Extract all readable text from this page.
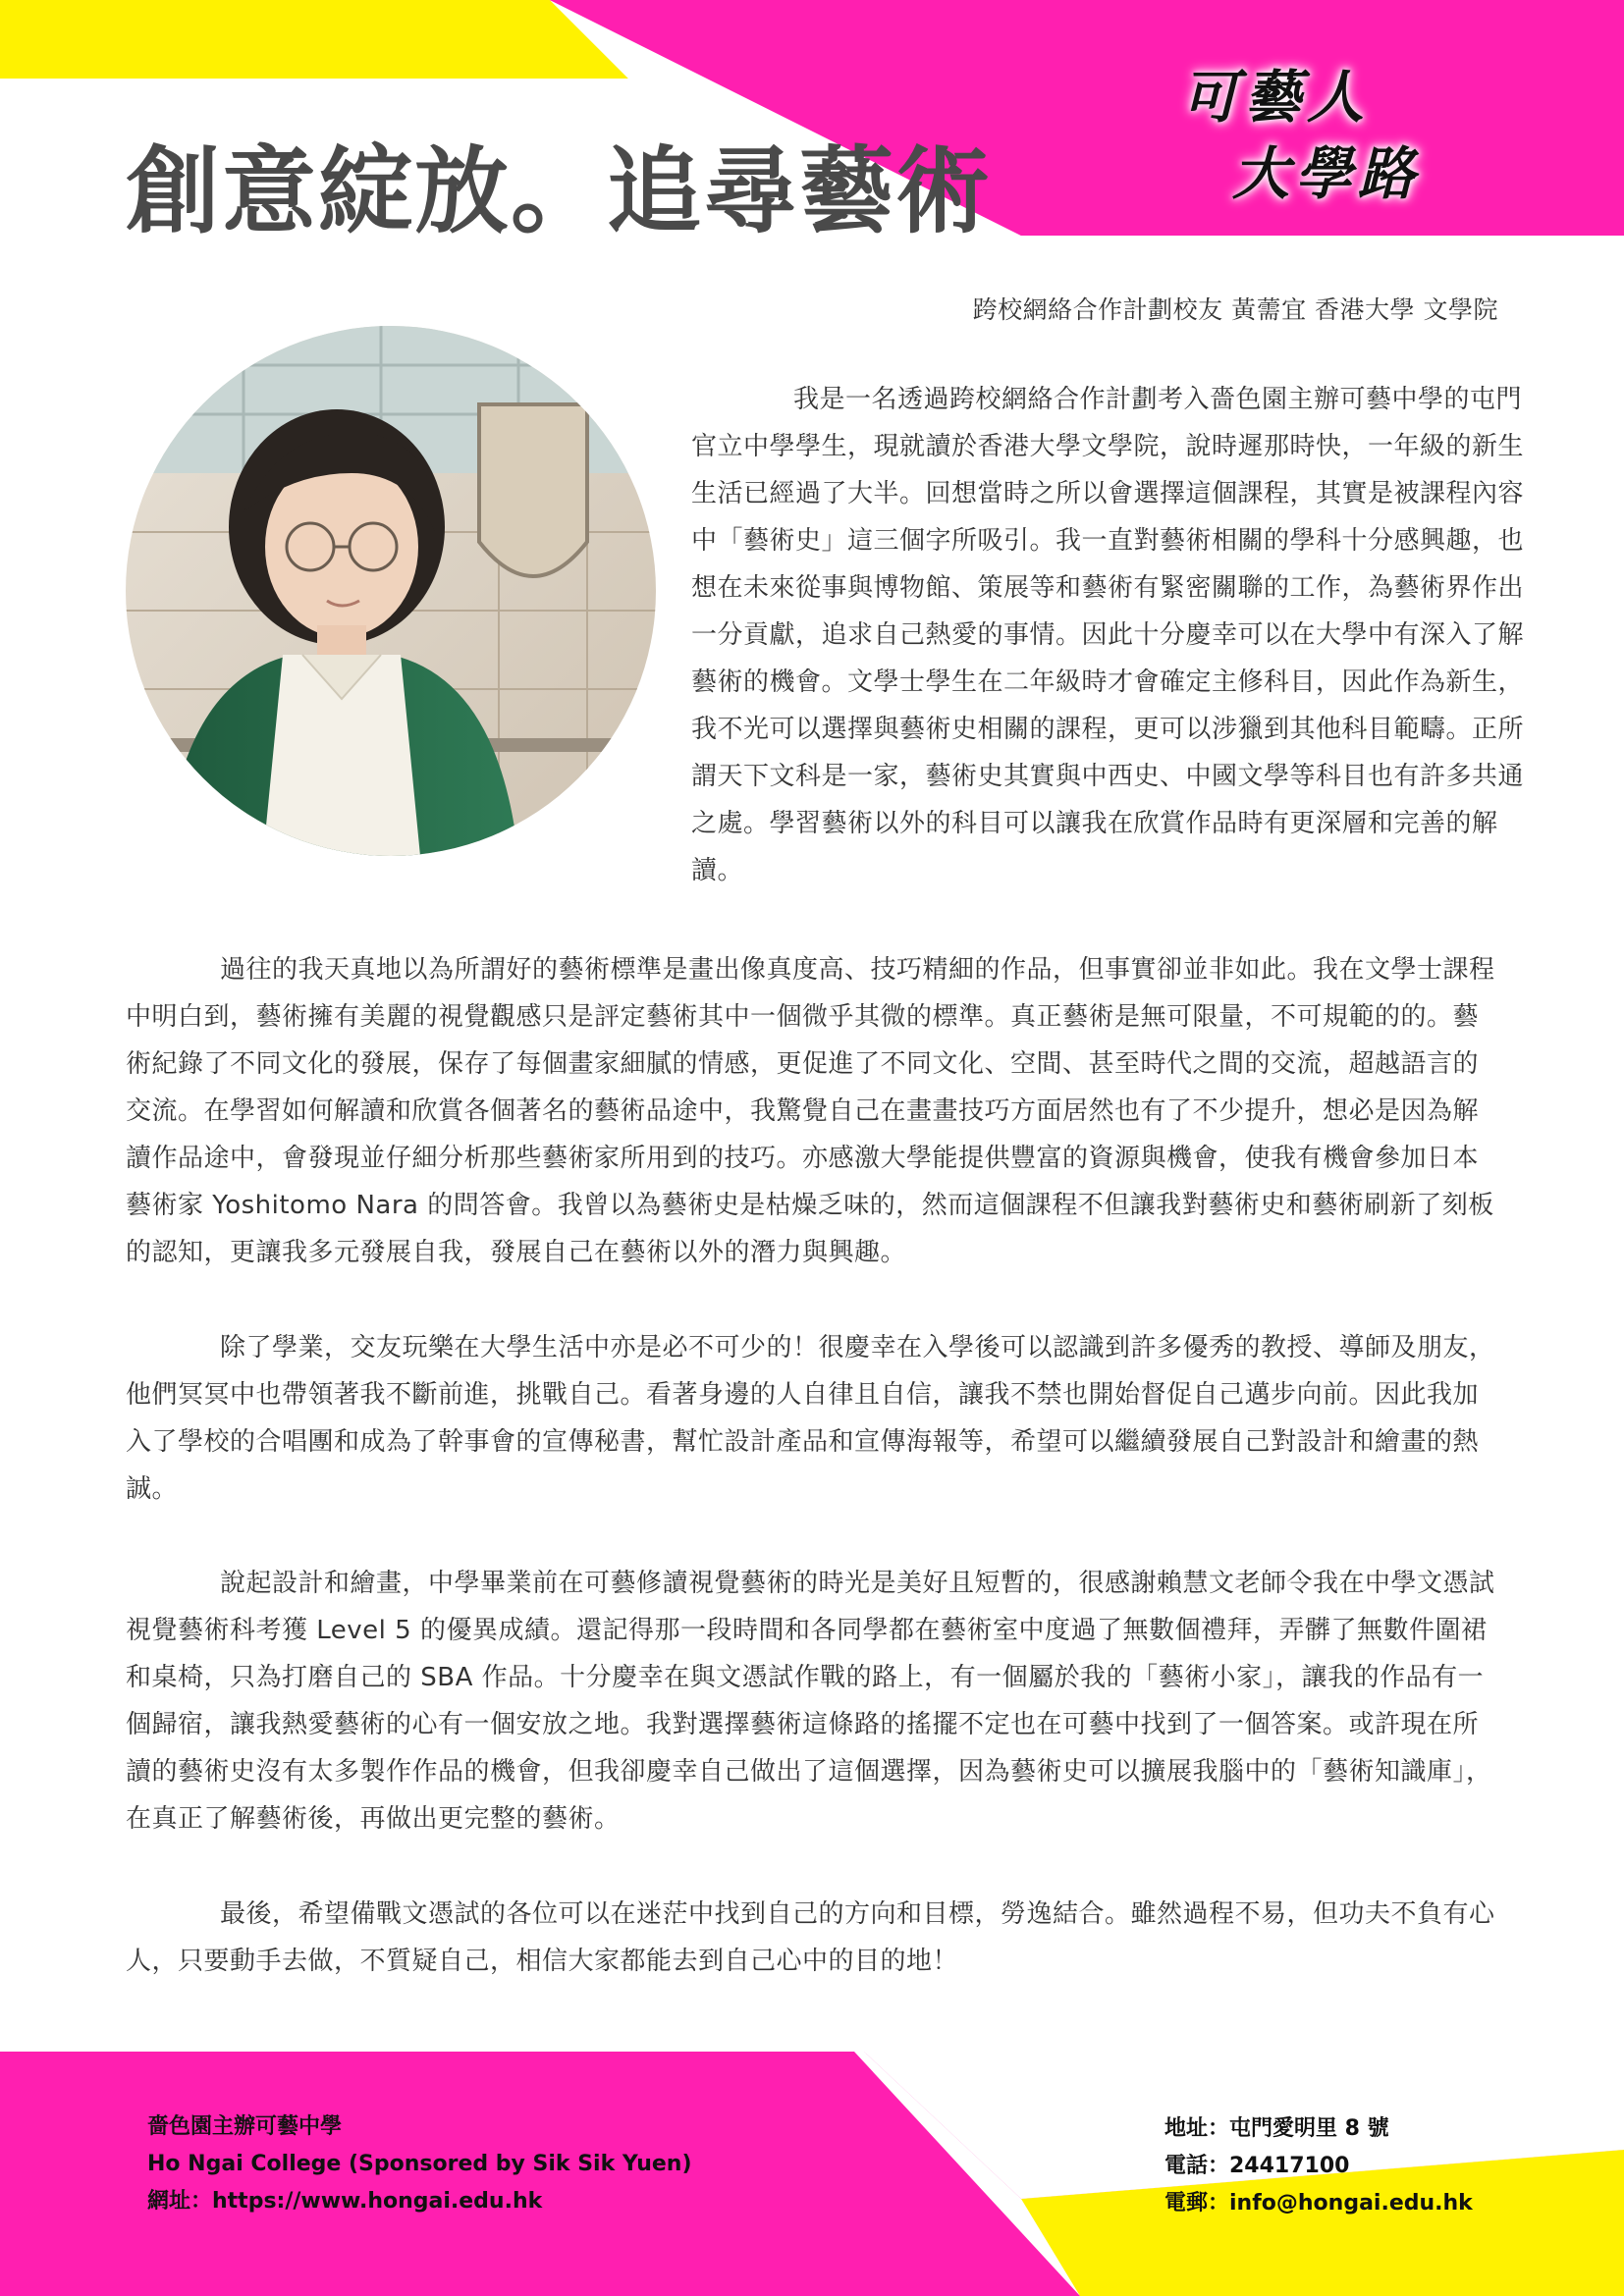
創意綻放。追尋藝術
可藝人
大學路
跨校網絡合作計劃校友 黃薷宜 香港大學 文學院

我是一名透過跨校網絡合作計劃考入嗇色園主辦可藝中學的屯門官立中學學生，現就讀於香港大學文學院，說時遲那時快，一年級的新生生活已經過了大半。回想當時之所以會選擇這個課程，其實是被課程內容中「藝術史」這三個字所吸引。我一直對藝術相關的學科十分感興趣，也想在未來從事與博物館、策展等和藝術有緊密關聯的工作，為藝術界作出一分貢獻，追求自己熱愛的事情。因此十分慶幸可以在大學中有深入了解藝術的機會。文學士學生在二年級時才會確定主修科目，因此作為新生，我不光可以選擇與藝術史相關的課程，更可以涉獵到其他科目範疇。正所謂天下文科是一家，藝術史其實與中西史、中國文學等科目也有許多共通之處。學習藝術以外的科目可以讓我在欣賞作品時有更深層和完善的解讀。

過往的我天真地以為所謂好的藝術標準是畫出像真度高、技巧精細的作品，但事實卻並非如此。我在文學士課程中明白到，藝術擁有美麗的視覺觀感只是評定藝術其中一個微乎其微的標準。真正藝術是無可限量，不可規範的的。藝術紀錄了不同文化的發展，保存了每個畫家細膩的情感，更促進了不同文化、空間、甚至時代之間的交流，超越語言的交流。在學習如何解讀和欣賞各個著名的藝術品途中，我驚覺自己在畫畫技巧方面居然也有了不少提升，想必是因為解讀作品途中，會發現並仔細分析那些藝術家所用到的技巧。亦感激大學能提供豐富的資源與機會，使我有機會參加日本藝術家 Yoshitomo Nara 的問答會。我曾以為藝術史是枯燥乏味的，然而這個課程不但讓我對藝術史和藝術刷新了刻板的認知，更讓我多元發展自我，發展自己在藝術以外的潛力與興趣。

除了學業，交友玩樂在大學生活中亦是必不可少的！很慶幸在入學後可以認識到許多優秀的教授、導師及朋友，他們冥冥中也帶領著我不斷前進，挑戰自己。看著身邊的人自律且自信，讓我不禁也開始督促自己邁步向前。因此我加入了學校的合唱團和成為了幹事會的宣傳秘書，幫忙設計產品和宣傳海報等，希望可以繼續發展自己對設計和繪畫的熱誠。

說起設計和繪畫，中學畢業前在可藝修讀視覺藝術的時光是美好且短暫的，很感謝賴慧文老師令我在中學文憑試視覺藝術科考獲 Level 5 的優異成績。還記得那一段時間和各同學都在藝術室中度過了無數個禮拜，弄髒了無數件圍裙和桌椅，只為打磨自己的 SBA 作品。十分慶幸在與文憑試作戰的路上，有一個屬於我的「藝術小家」，讓我的作品有一個歸宿，讓我熱愛藝術的心有一個安放之地。我對選擇藝術這條路的搖擺不定也在可藝中找到了一個答案。或許現在所讀的藝術史沒有太多製作作品的機會，但我卻慶幸自己做出了這個選擇，因為藝術史可以擴展我腦中的「藝術知識庫」，在真正了解藝術後，再做出更完整的藝術。

最後，希望備戰文憑試的各位可以在迷茫中找到自己的方向和目標，勞逸結合。雖然過程不易，但功夫不負有心人，只要動手去做，不質疑自己，相信大家都能去到自己心中的目的地！

嗇色園主辦可藝中學
Ho Ngai College (Sponsored by Sik Sik Yuen)
網址：https://www.hongai.edu.hk
地址：屯門愛明里 8 號
電話：24417100
電郵：info@hongai.edu.hk
